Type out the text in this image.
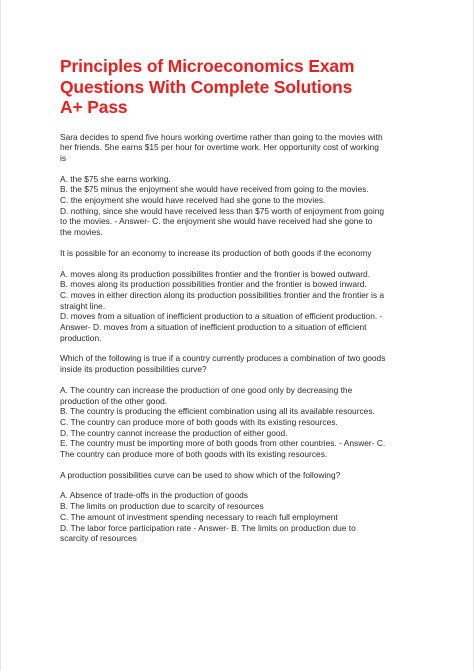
Principles of Microeconomics Exam
Questions With Complete Solutions
A+ Pass
Sara decides to spend five hours working overtime rather than going to the movies with
her friends. She earns $15 per hour for overtime work. Her opportunity cost of working
is
A. the $75 she earns working.
B. the $75 minus the enjoyment she would have received from going to the movies.
C. the enjoyment she would have received had she gone to the movies.
D. nothing, since she would have received less than $75 worth of enjoyment from going
to the movies. - Answer- C. the enjoyment she would have received had she gone to
the movies.
It is possible for an economy to increase its production of both goods if the economy
A. moves along its production possibilites frontier and the frontier is bowed outward.
B. moves along its production possibilities frontier and the frontier is bowed inward.
C. moves in either direction along its production possibilities frontier and the frontier is a
straight line.
D. moves from a situation of inefficient production to a situation of efficient production. -
Answer- D. moves from a situation of inefficient production to a situation of efficient
production.
Which of the following is true if a country currently produces a combination of two goods
inside its production possibilities curve?
A. The country can increase the production of one good only by decreasing the
production of the other good.
B. The country is producing the efficient combination using all its available resources.
C. The country can produce more of both goods with its existing resources.
D. The country cannot increase the production of either good.
E. The country must be importing more of both goods from other countries. - Answer- C.
The country can produce more of both goods with its existing resources.
A production possibilities curve can be used to show which of the following?
A. Absence of trade-offs in the production of goods
B. The limits on production due to scarcity of resources
C. The amount of investment spending necessary to reach full employment
D. The labor force participation rate - Answer- B. The limits on production due to
scarcity of resources
